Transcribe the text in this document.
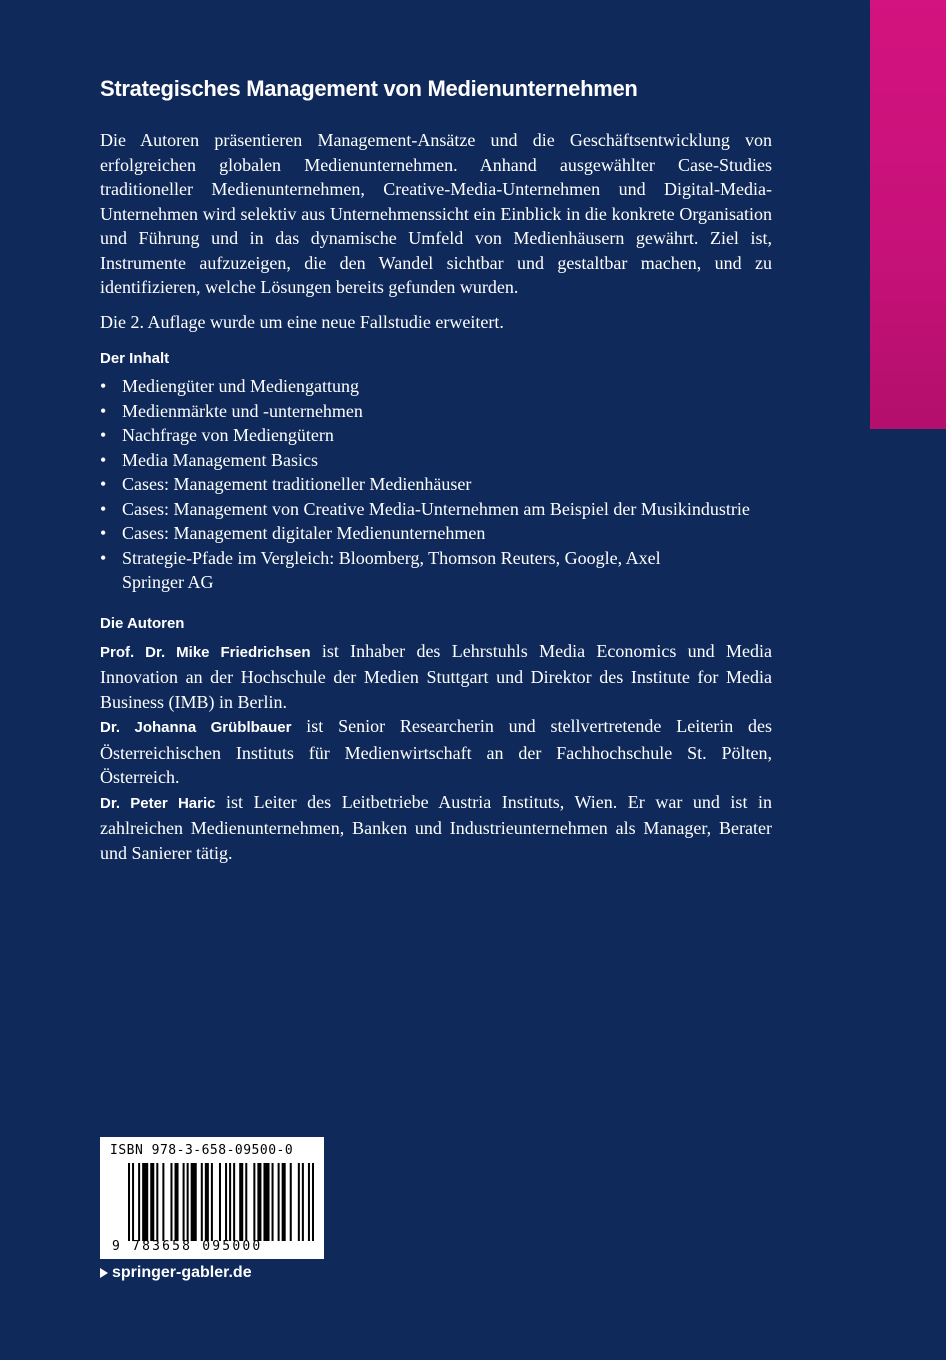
Strategisches Management von Medienunternehmen

Die Autoren präsentieren Management-Ansätze und die Geschäftsentwicklung von erfolgreichen globalen Medienunternehmen. Anhand ausgewählter Case-Studies traditioneller Medienunternehmen, Creative-Media-Unternehmen und Digital-Media-Unternehmen wird selektiv aus Unternehmenssicht ein Einblick in die konkrete Organisation und Führung und in das dynamische Umfeld von Medienhäusern gewährt. Ziel ist, Instrumente aufzuzeigen, die den Wandel sichtbar und gestaltbar machen, und zu identifizieren, welche Lösungen bereits gefunden wurden.

Die 2. Auflage wurde um eine neue Fallstudie erweitert.

Der Inhalt
• Mediengüter und Mediengattung
• Medienmärkte und -unternehmen
• Nachfrage von Mediengütern
• Media Management Basics
• Cases: Management traditioneller Medienhäuser
• Cases: Management von Creative Media-Unternehmen am Beispiel der Musikindustrie
• Cases: Management digitaler Medienunternehmen
• Strategie-Pfade im Vergleich: Bloomberg, Thomson Reuters, Google, Axel Springer AG
Die Autoren

Prof. Dr. Mike Friedrichsen ist Inhaber des Lehrstuhls Media Economics und Media Innovation an der Hochschule der Medien Stuttgart und Direktor des Institute for Media Business (IMB) in Berlin.

Dr. Johanna Grüblbauer ist Senior Researcherin und stellvertretende Leiterin des Österreichischen Instituts für Medienwirtschaft an der Fachhochschule St. Pölten, Österreich.

Dr. Peter Haric ist Leiter des Leitbetriebe Austria Instituts, Wien. Er war und ist in zahlreichen Medienunternehmen, Banken und Industrieunternehmen als Manager, Berater und Sanierer tätig.

ISBN 978-3-658-09500-0
9 783658 095000
springer-gabler.de
